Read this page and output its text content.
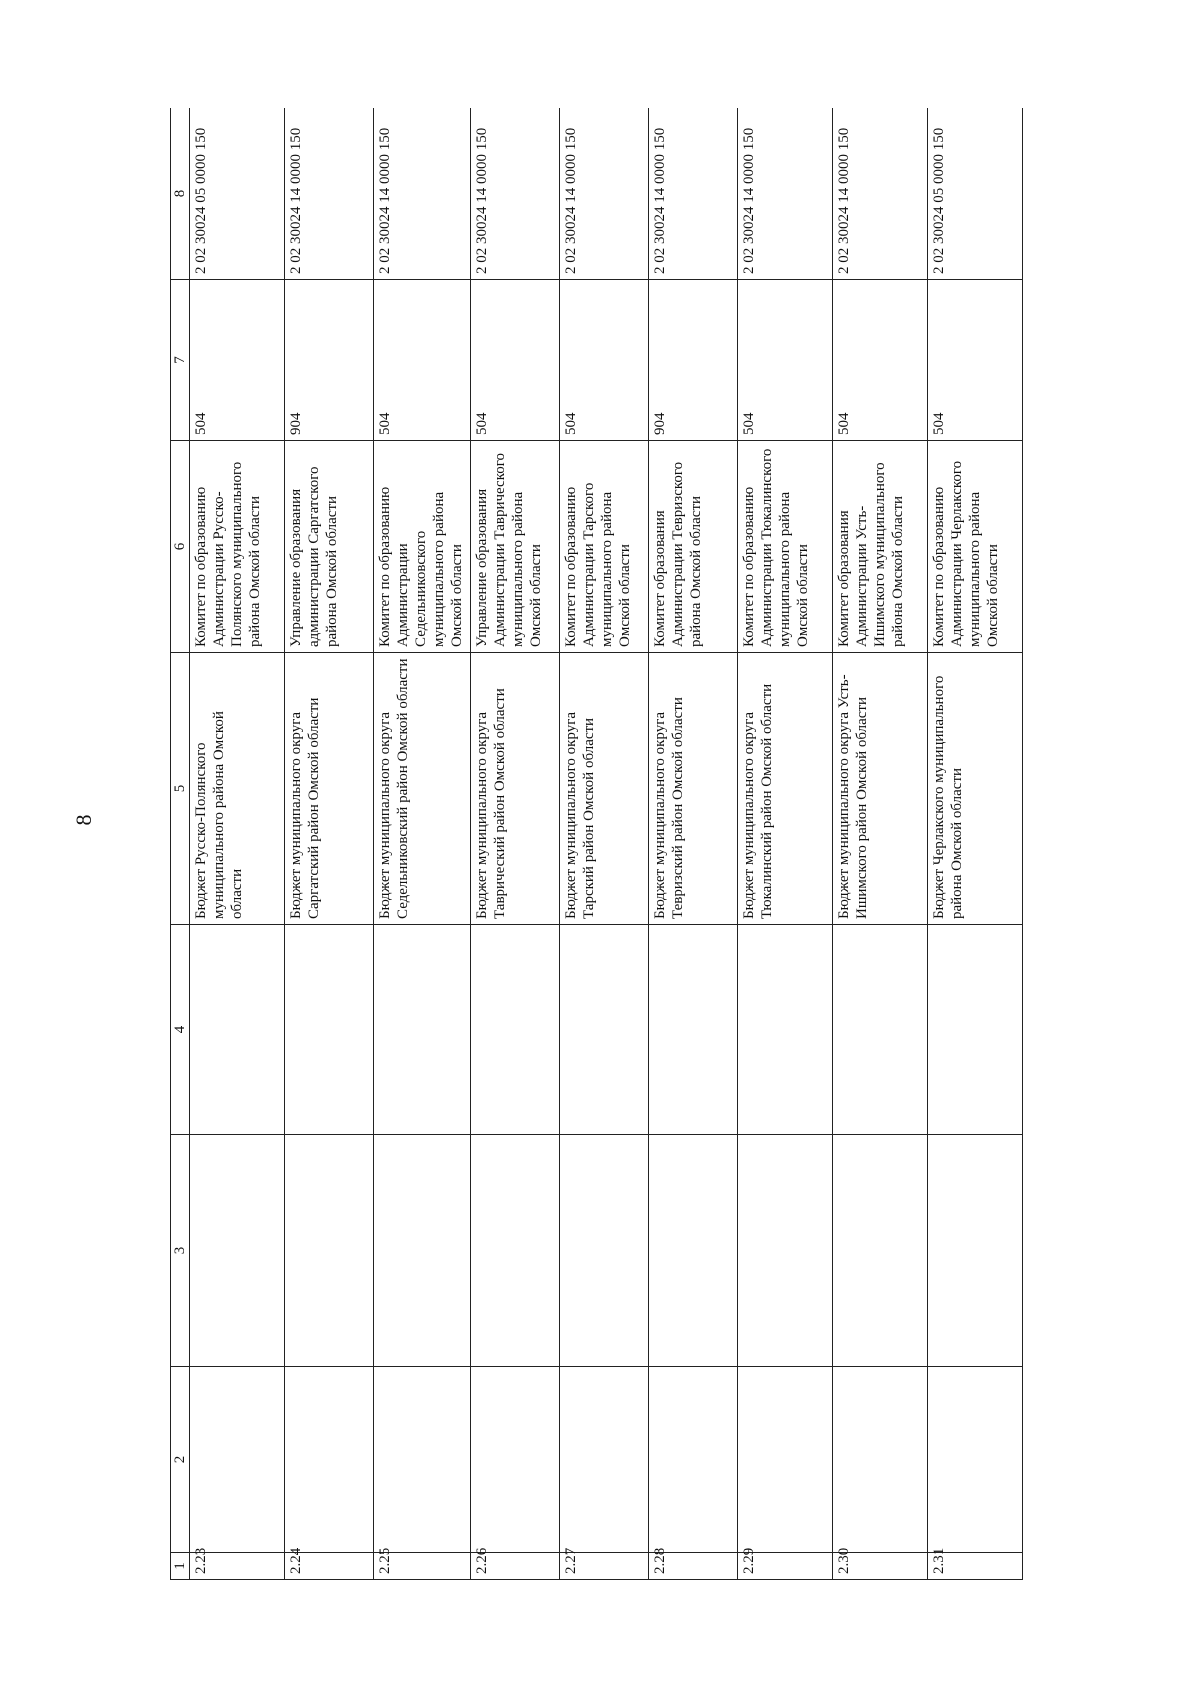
8
1	2	3	4	5	6	7	8
2.23				Бюджет Русско-Полянского муниципального района Омской области	Комитет по образованию Администрации Русско-Полянского муниципального района Омской области	504	2 02 30024 05 0000 150
2.24				Бюджет муниципального округа Саргатский район Омской области	Управление образования администрации Саргатского района Омской области	904	2 02 30024 14 0000 150
2.25				Бюджет муниципального округа Седельниковский район Омской области	Комитет по образованию Администрации Седельниковского муниципального района Омской области	504	2 02 30024 14 0000 150
2.26				Бюджет муниципального округа Таврический район Омской области	Управление образования Администрации Таврического муниципального района Омской области	504	2 02 30024 14 0000 150
2.27				Бюджет муниципального округа Тарский район Омской области	Комитет по образованию Администрации Тарского муниципального района Омской области	504	2 02 30024 14 0000 150
2.28				Бюджет муниципального округа Тевризский район Омской области	Комитет образования Администрации Тевризского района Омской области	904	2 02 30024 14 0000 150
2.29				Бюджет муниципального округа Тюкалинский район Омской области	Комитет по образованию Администрации Тюкалинского муниципального района Омской области	504	2 02 30024 14 0000 150
2.30				Бюджет муниципального округа Усть-Ишимского район Омской области	Комитет образования Администрации Усть-Ишимского муниципального района Омской области	504	2 02 30024 14 0000 150
2.31				Бюджет Черлакского муниципального района Омской области	Комитет по образованию Администрации Черлакского муниципального района Омской области	504	2 02 30024 05 0000 150
